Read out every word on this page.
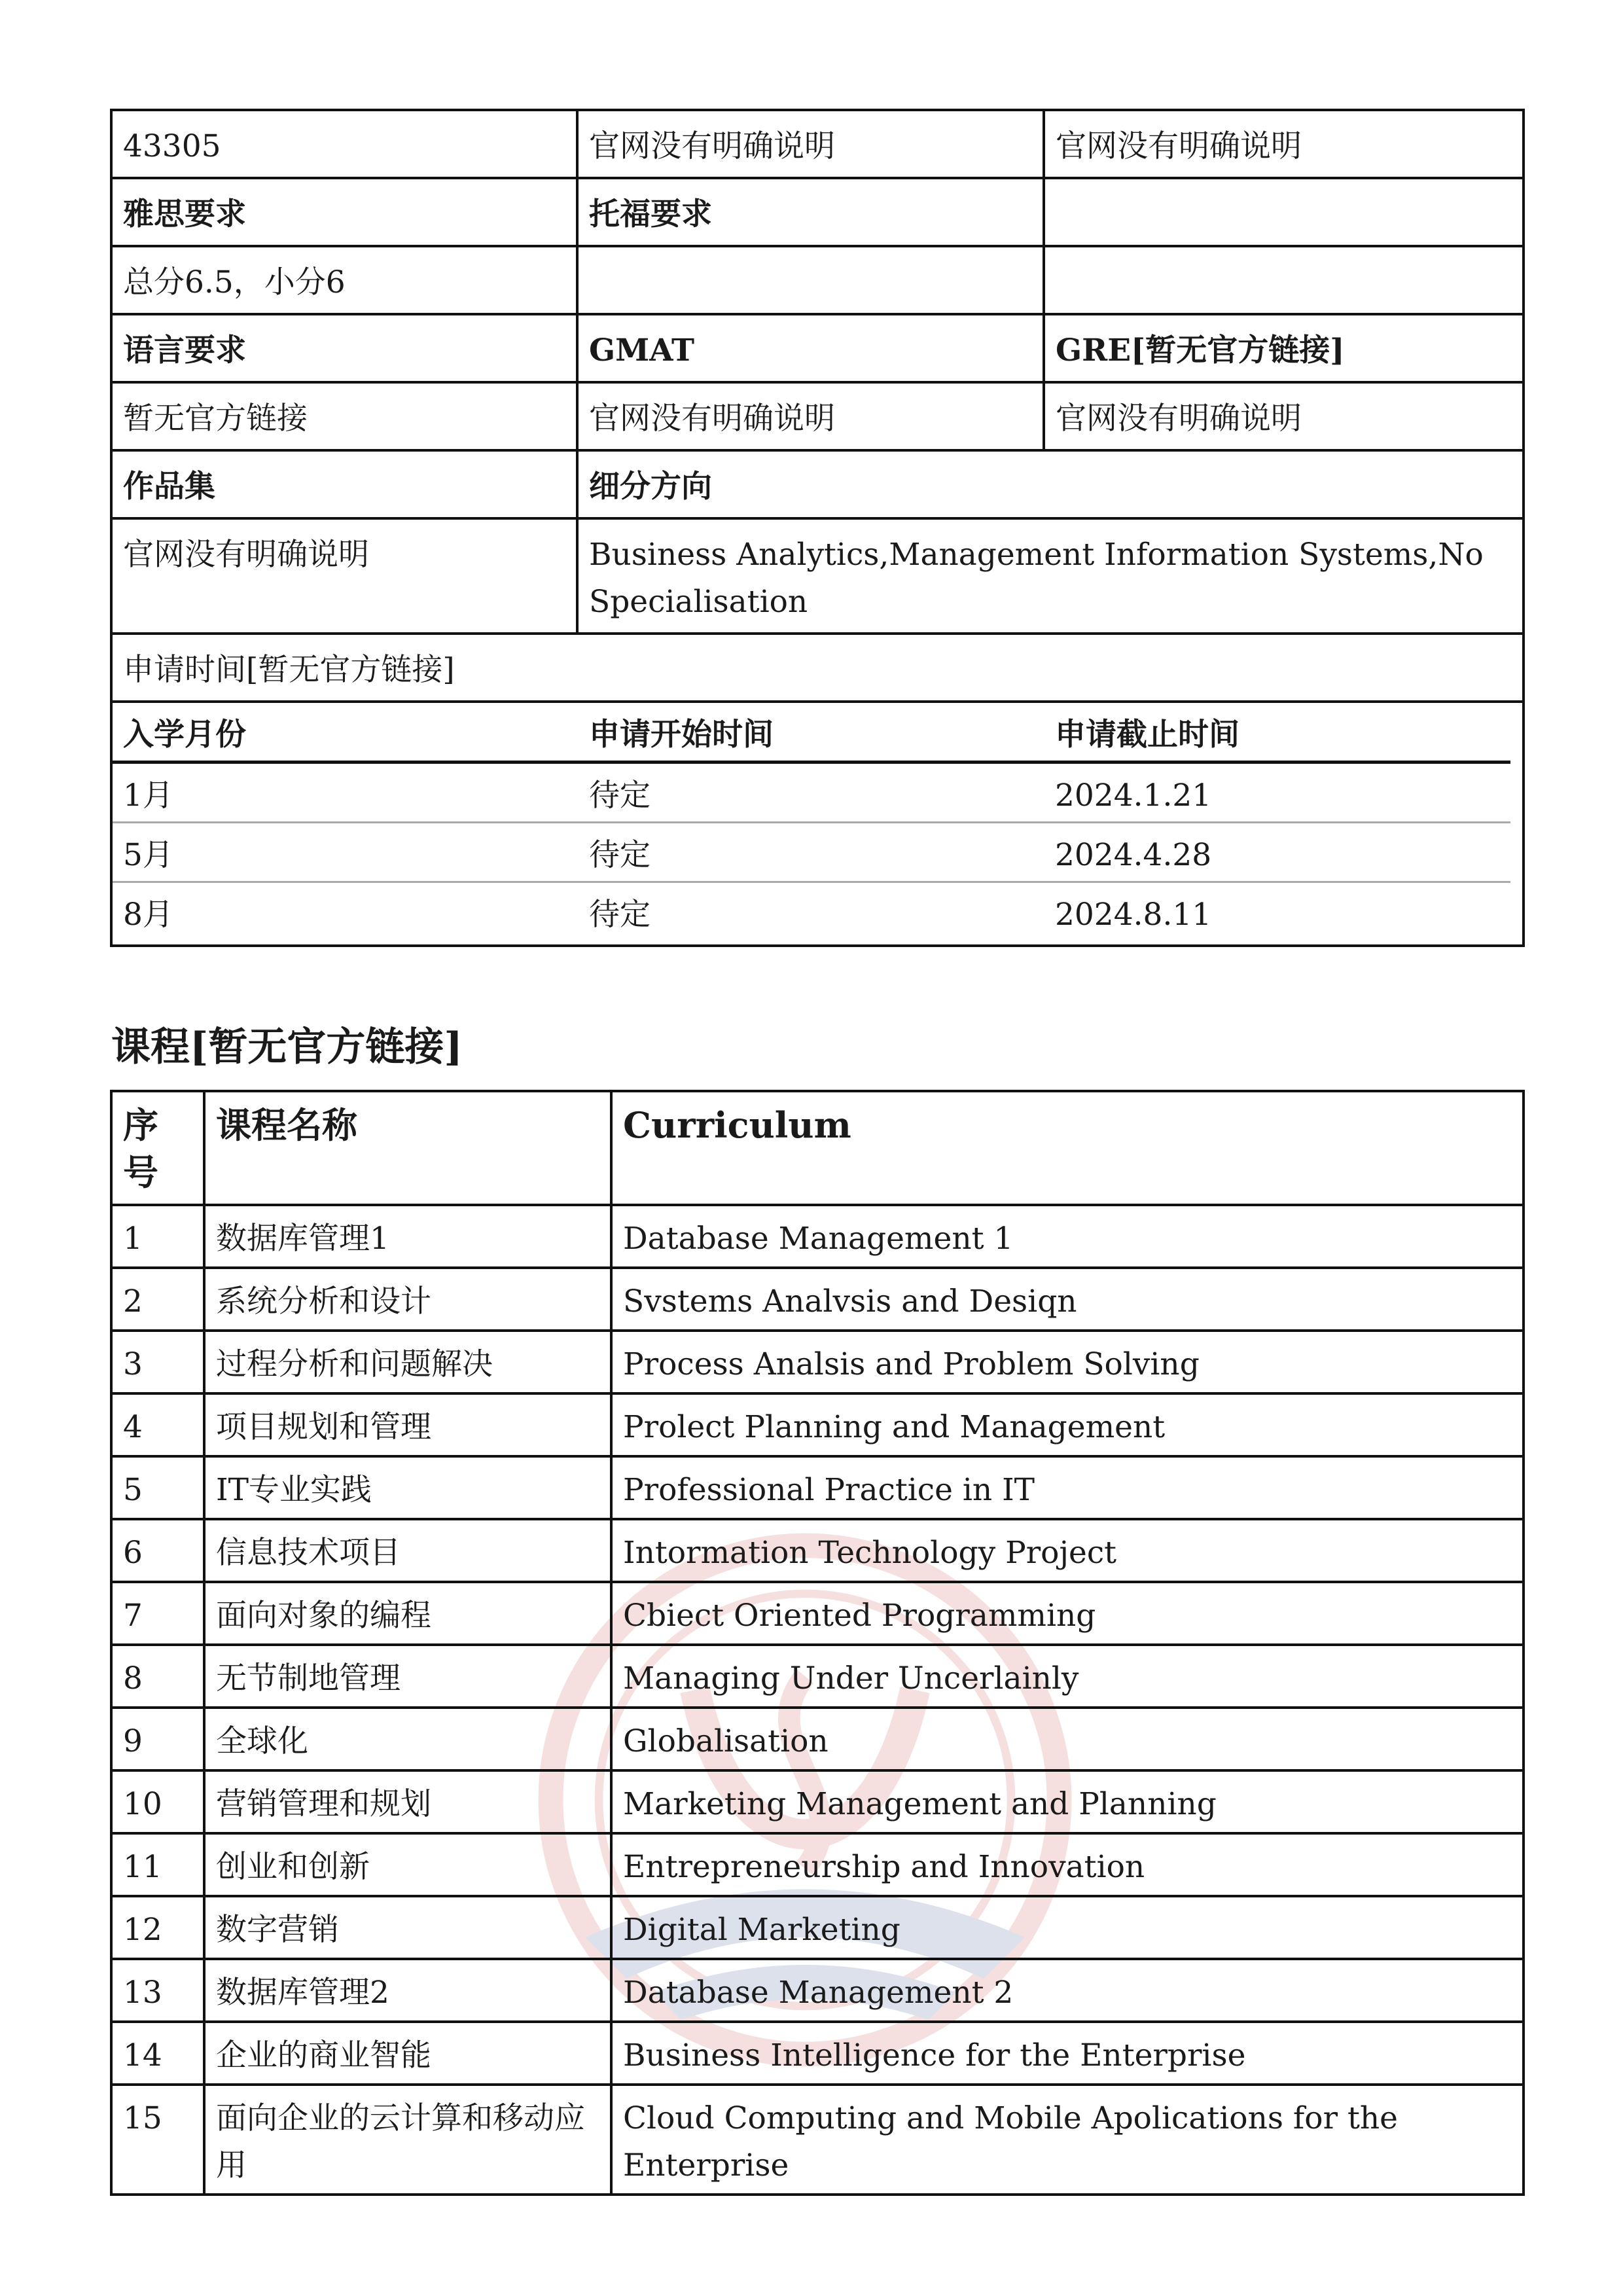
43305	官网没有明确说明	官网没有明确说明
雅思要求	托福要求	
总分6.5，小分6		
语言要求	GMAT	GRE[暂无官方链接]
暂无官方链接	官网没有明确说明	官网没有明确说明
作品集	细分方向
官网没有明确说明	Business Analytics,Management Information Systems,No Specialisation
申请时间[暂无官方链接]

入学月份	申请开始时间	申请截止时间
1月	待定	2024.1.21
5月	待定	2024.4.28
8月	待定	2024.8.11
课程[暂无官方链接]
序号	课程名称	Curriculum
1	数据库管理1	Database Management 1
2	系统分析和设计	Svstems Analvsis and Desiqn
3	过程分析和问题解决	Process Analsis and Problem Solving
4	项目规划和管理	Prolect Planning and Management
5	IT专业实践	Professional Practice in IT
6	信息技术项目	Intormation Technology Project
7	面向对象的编程	Cbiect Oriented Programming
8	无节制地管理	Managing Under Uncerlainly
9	全球化	Globalisation
10	营销管理和规划	Marketing Management and Planning
11	创业和创新	Entrepreneurship and Innovation
12	数字营销	Digital Marketing
13	数据库管理2	Database Management 2
14	企业的商业智能	Business Intelligence for the Enterprise
15	面向企业的云计算和移动应用	Cloud Computing and Mobile Apolications for the Enterprise
